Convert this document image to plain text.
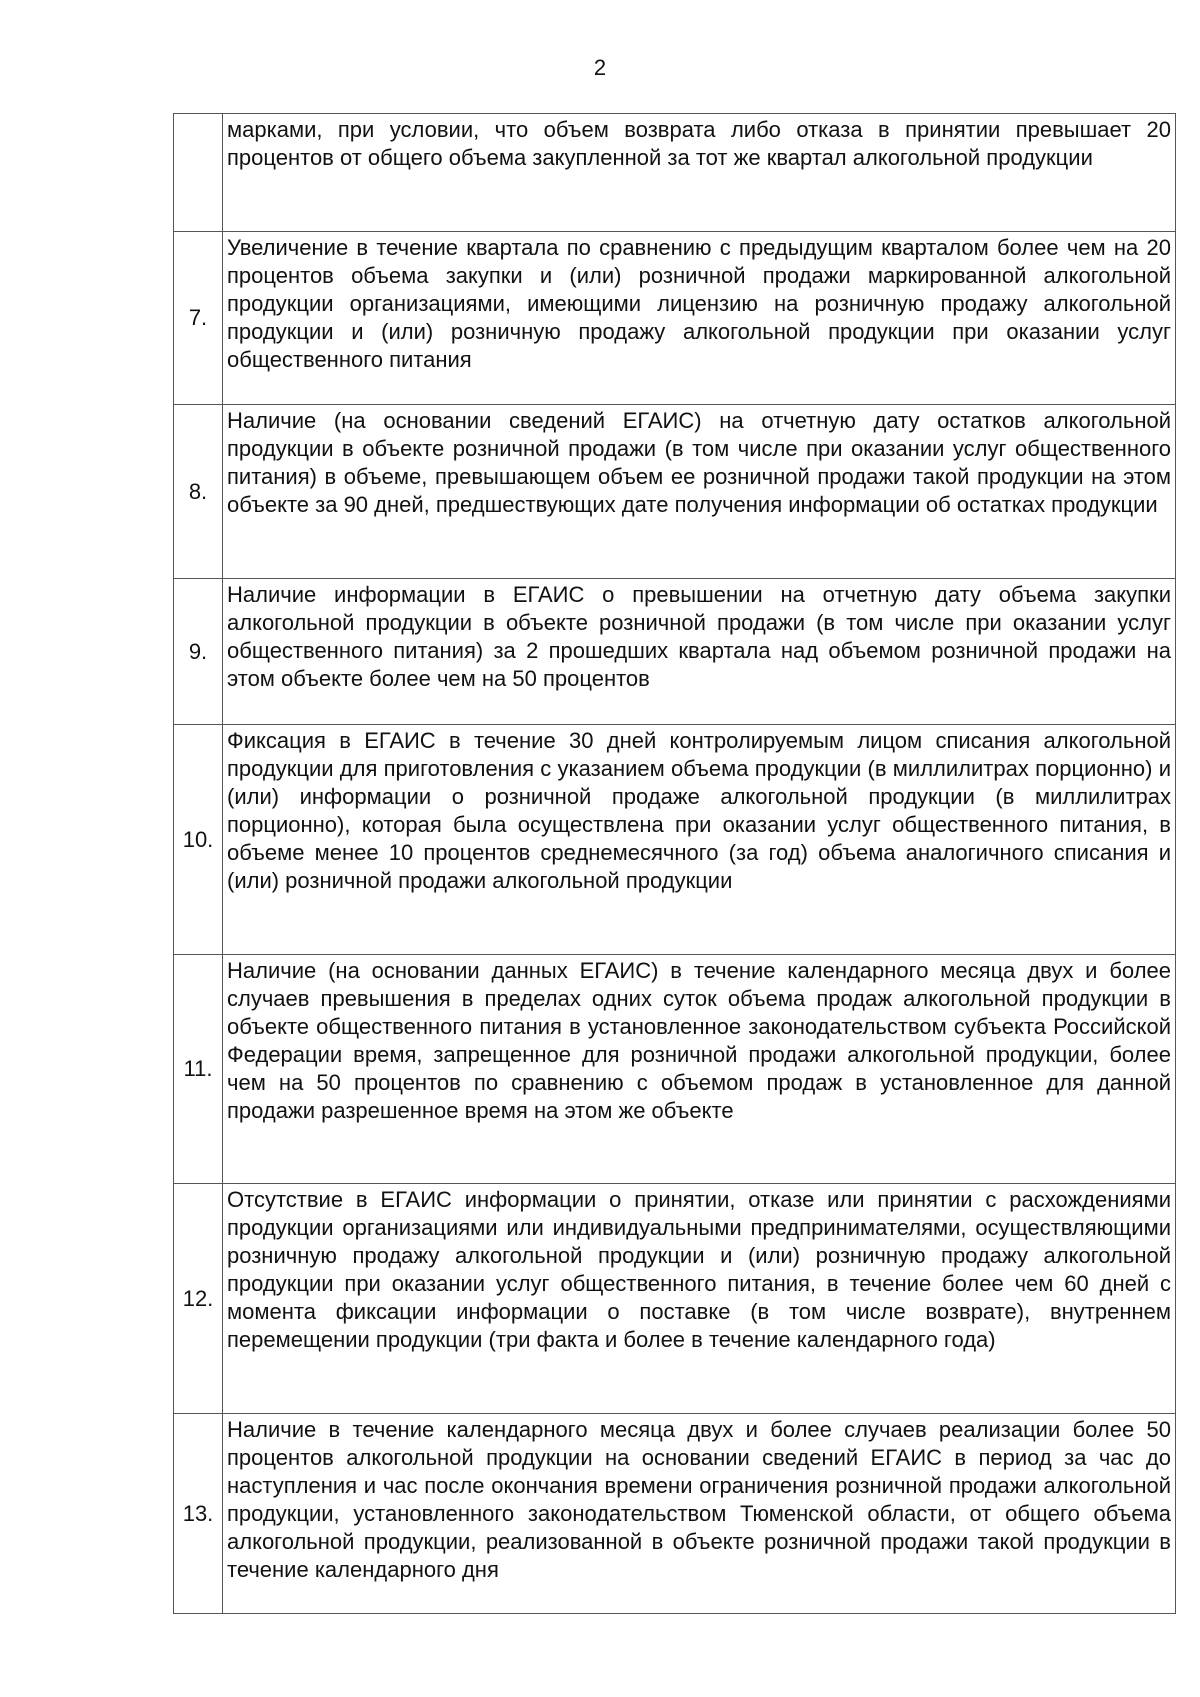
2
	марками, при условии, что объем возврата либо отказа в принятии превышает 20 процентов от общего объема закупленной за тот же квартал алкогольной продукции
7.	Увеличение в течение квартала по сравнению с предыдущим кварталом более чем на 20 процентов объема закупки и (или) розничной продажи маркированной алкогольной продукции организациями, имеющими лицензию на розничную продажу алкогольной продукции и (или) розничную продажу алкогольной продукции при оказании услуг общественного питания
8.	Наличие (на основании сведений ЕГАИС) на отчетную дату остатков алкогольной продукции в объекте розничной продажи (в том числе при оказании услуг общественного питания) в объеме, превышающем объем ее розничной продажи такой продукции на этом объекте за 90 дней, предшествующих дате получения информации об остатках продукции
9.	Наличие информации в ЕГАИС о превышении на отчетную дату объема закупки алкогольной продукции в объекте розничной продажи (в том числе при оказании услуг общественного питания) за 2 прошедших квартала над объемом розничной продажи на этом объекте более чем на 50 процентов
10.	Фиксация в ЕГАИС в течение 30 дней контролируемым лицом списания алкогольной продукции для приготовления с указанием объема продукции (в миллилитрах порционно) и (или) информации о розничной продаже алкогольной продукции (в миллилитрах порционно), которая была осуществлена при оказании услуг общественного питания, в объеме менее 10 процентов среднемесячного (за год) объема аналогичного списания и (или) розничной продажи алкогольной продукции
11.	Наличие (на основании данных ЕГАИС) в течение календарного месяца двух и более случаев превышения в пределах одних суток объема продаж алкогольной продукции в объекте общественного питания в установленное законодательством субъекта Российской Федерации время, запрещенное для розничной продажи алкогольной продукции, более чем на 50 процентов по сравнению с объемом продаж в установленное для данной продажи разрешенное время на этом же объекте
12.	Отсутствие в ЕГАИС информации о принятии, отказе или принятии с расхождениями продукции организациями или индивидуальными предпринимателями, осуществляющими розничную продажу алкогольной продукции и (или) розничную продажу алкогольной продукции при оказании услуг общественного питания, в течение более чем 60 дней с момента фиксации информации о поставке (в том числе возврате), внутреннем перемещении продукции (три факта и более в течение календарного года)
13.	Наличие в течение календарного месяца двух и более случаев реализации более 50 процентов алкогольной продукции на основании сведений ЕГАИС в период за час до наступления и час после окончания времени ограничения розничной продажи алкогольной продукции, установленного законодательством Тюменской области, от общего объема алкогольной продукции, реализованной в объекте розничной продажи такой продукции в течение календарного дня
